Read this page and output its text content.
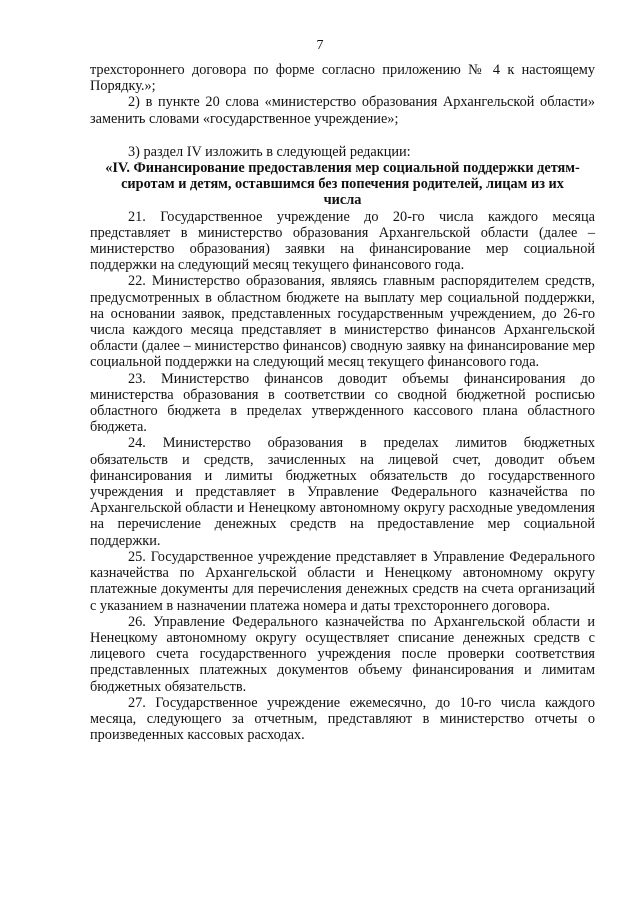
7

трехстороннего договора по форме согласно приложению № 4 к настоящему Порядку.»;

2) в пункте 20 слова «министерство образования Архангельской области» заменить словами «государственное учреждение»;

3) раздел IV изложить в следующей редакции:

«IV. Финансирование предоставления мер социальной поддержки детям-сиротам и детям, оставшимся без попечения родителей, лицам из их числа

21. Государственное учреждение до 20-го числа каждого месяца представляет в министерство образования Архангельской области (далее – министерство образования) заявки на финансирование мер социальной поддержки на следующий месяц текущего финансового года.

22. Министерство образования, являясь главным распорядителем средств, предусмотренных в областном бюджете на выплату мер социальной поддержки, на основании заявок, представленных государственным учреждением, до 26-го числа каждого месяца представляет в министерство финансов Архангельской области (далее – министерство финансов) сводную заявку на финансирование мер социальной поддержки на следующий месяц текущего финансового года.

23. Министерство финансов доводит объемы финансирования до министерства образования в соответствии со сводной бюджетной росписью областного бюджета в пределах утвержденного кассового плана областного бюджета.

24. Министерство образования в пределах лимитов бюджетных обязательств и средств, зачисленных на лицевой счет, доводит объем финансирования и лимиты бюджетных обязательств до государственного учреждения и представляет в Управление Федерального казначейства по Архангельской области и Ненецкому автономному округу расходные уведомления на перечисление денежных средств на предоставление мер социальной поддержки.

25. Государственное учреждение представляет в Управление Федерального казначейства по Архангельской области и Ненецкому автономному округу платежные документы для перечисления денежных средств на счета организаций с указанием в назначении платежа номера и даты трехстороннего договора.

26. Управление Федерального казначейства по Архангельской области и Ненецкому автономному округу осуществляет списание денежных средств с лицевого счета государственного учреждения после проверки соответствия представленных платежных документов объему финансирования и лимитам бюджетных обязательств.

27. Государственное учреждение ежемесячно, до 10-го числа каждого месяца, следующего за отчетным, представляют в министерство отчеты о произведенных кассовых расходах.
